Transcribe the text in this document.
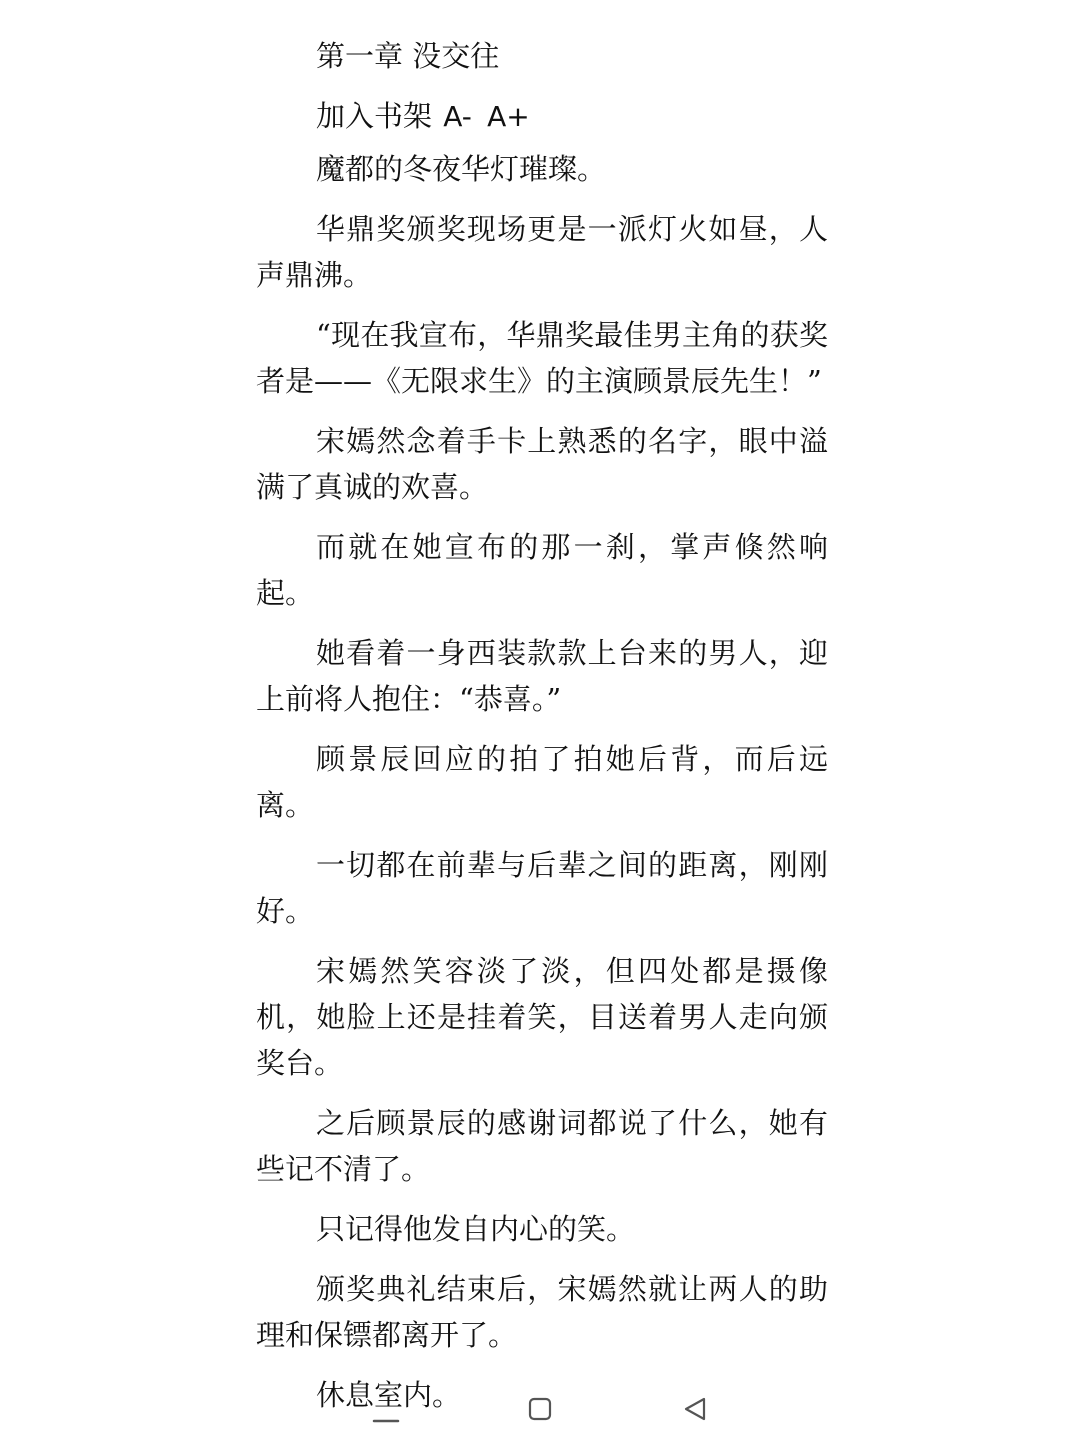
第一章 没交往
加入书架 A- A+

魔都的冬夜华灯璀璨。

华鼎奖颁奖现场更是一派灯火如昼，人声鼎沸。

“现在我宣布，华鼎奖最佳男主角的获奖者是——《无限求生》的主演顾景辰先生！”

宋嫣然念着手卡上熟悉的名字，眼中溢满了真诚的欢喜。

而就在她宣布的那一刹，掌声倏然响起。

她看着一身西装款款上台来的男人，迎上前将人抱住：“恭喜。”

顾景辰回应的拍了拍她后背，而后远离。

一切都在前辈与后辈之间的距离，刚刚好。

宋嫣然笑容淡了淡，但四处都是摄像机，她脸上还是挂着笑，目送着男人走向颁奖台。

之后顾景辰的感谢词都说了什么，她有些记不清了。

只记得他发自内心的笑。

颁奖典礼结束后，宋嫣然就让两人的助理和保镖都离开了。

休息室内。
